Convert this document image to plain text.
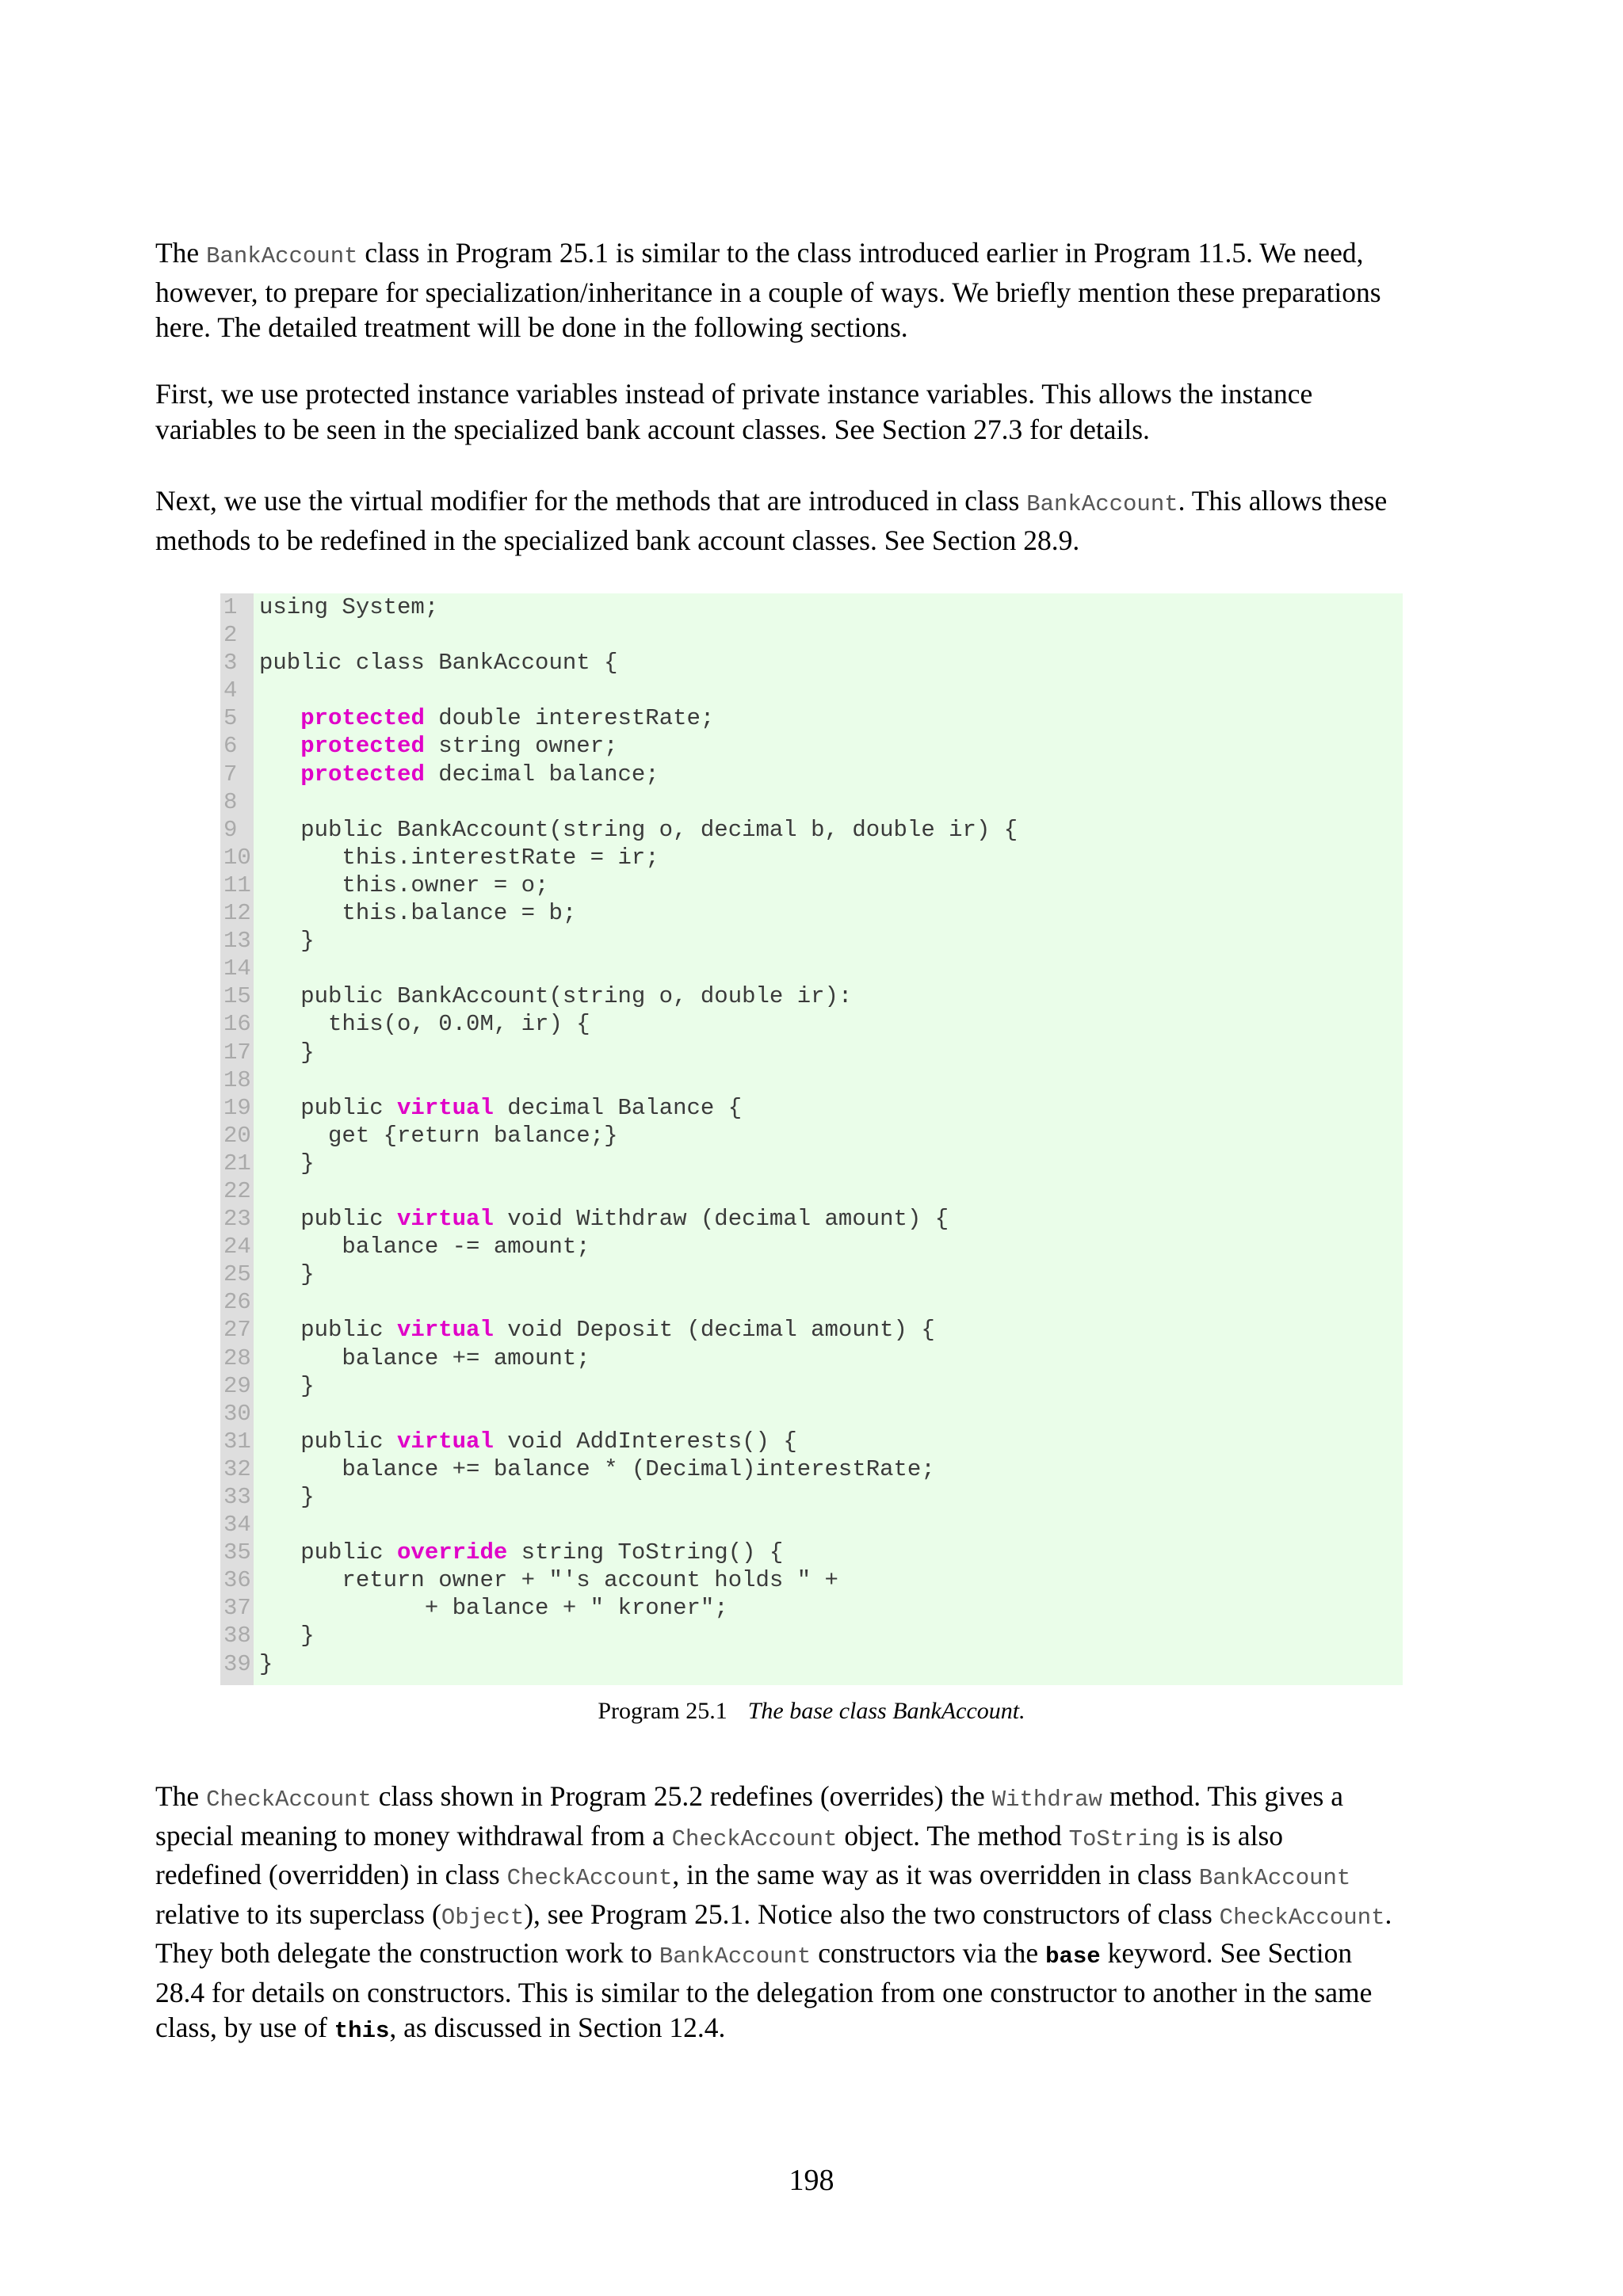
The BankAccount class in Program 25.1 is similar to the class introduced earlier in Program 11.5. We need,
however, to prepare for specialization/inheritance in a couple of ways. We briefly mention these preparations
here. The detailed treatment will be done in the following sections.

First, we use protected instance variables instead of private instance variables. This allows the instance
variables to be seen in the specialized bank account classes. See Section 27.3 for details.

Next, we use the virtual modifier for the methods that are introduced in class BankAccount. This allows these
methods to be redefined in the specialized bank account classes. See Section 28.9.

1 using System;
2
3 public class BankAccount {
4
5	protected double interestRate;
6	protected string owner;
7	protected decimal balance;
8
9   public BankAccount(string o, decimal b, double ir) {
10      this.interestRate = ir;
11      this.owner = o;
12      this.balance = b;
13   }
14
15   public BankAccount(string o, double ir):
16     this(o, 0.0M, ir) {
17   }
18
19   public virtual decimal Balance {
20     get {return balance;}
21   }
22
23   public virtual void Withdraw (decimal amount) {
24      balance -= amount;
25   }
26
27   public virtual void Deposit (decimal amount) {
28      balance += amount;
29   }
30
31   public virtual void AddInterests() {
32      balance += balance * (Decimal)interestRate;
33   }
34
35   public override string ToString() {
36      return owner + "'s account holds " +
37            + balance + " kroner";
38   }
39 }

Program 25.1 The base class BankAccount.

The CheckAccount class shown in Program 25.2 redefines (overrides) the Withdraw method. This gives a
special meaning to money withdrawal from a CheckAccount object. The method ToString is is also
redefined (overridden) in class CheckAccount, in the same way as it was overridden in class BankAccount
relative to its superclass (Object), see Program 25.1. Notice also the two constructors of class CheckAccount.
They both delegate the construction work to BankAccount constructors via the base keyword. See Section
28.4 for details on constructors. This is similar to the delegation from one constructor to another in the same
class, by use of this, as discussed in Section 12.4.

198
